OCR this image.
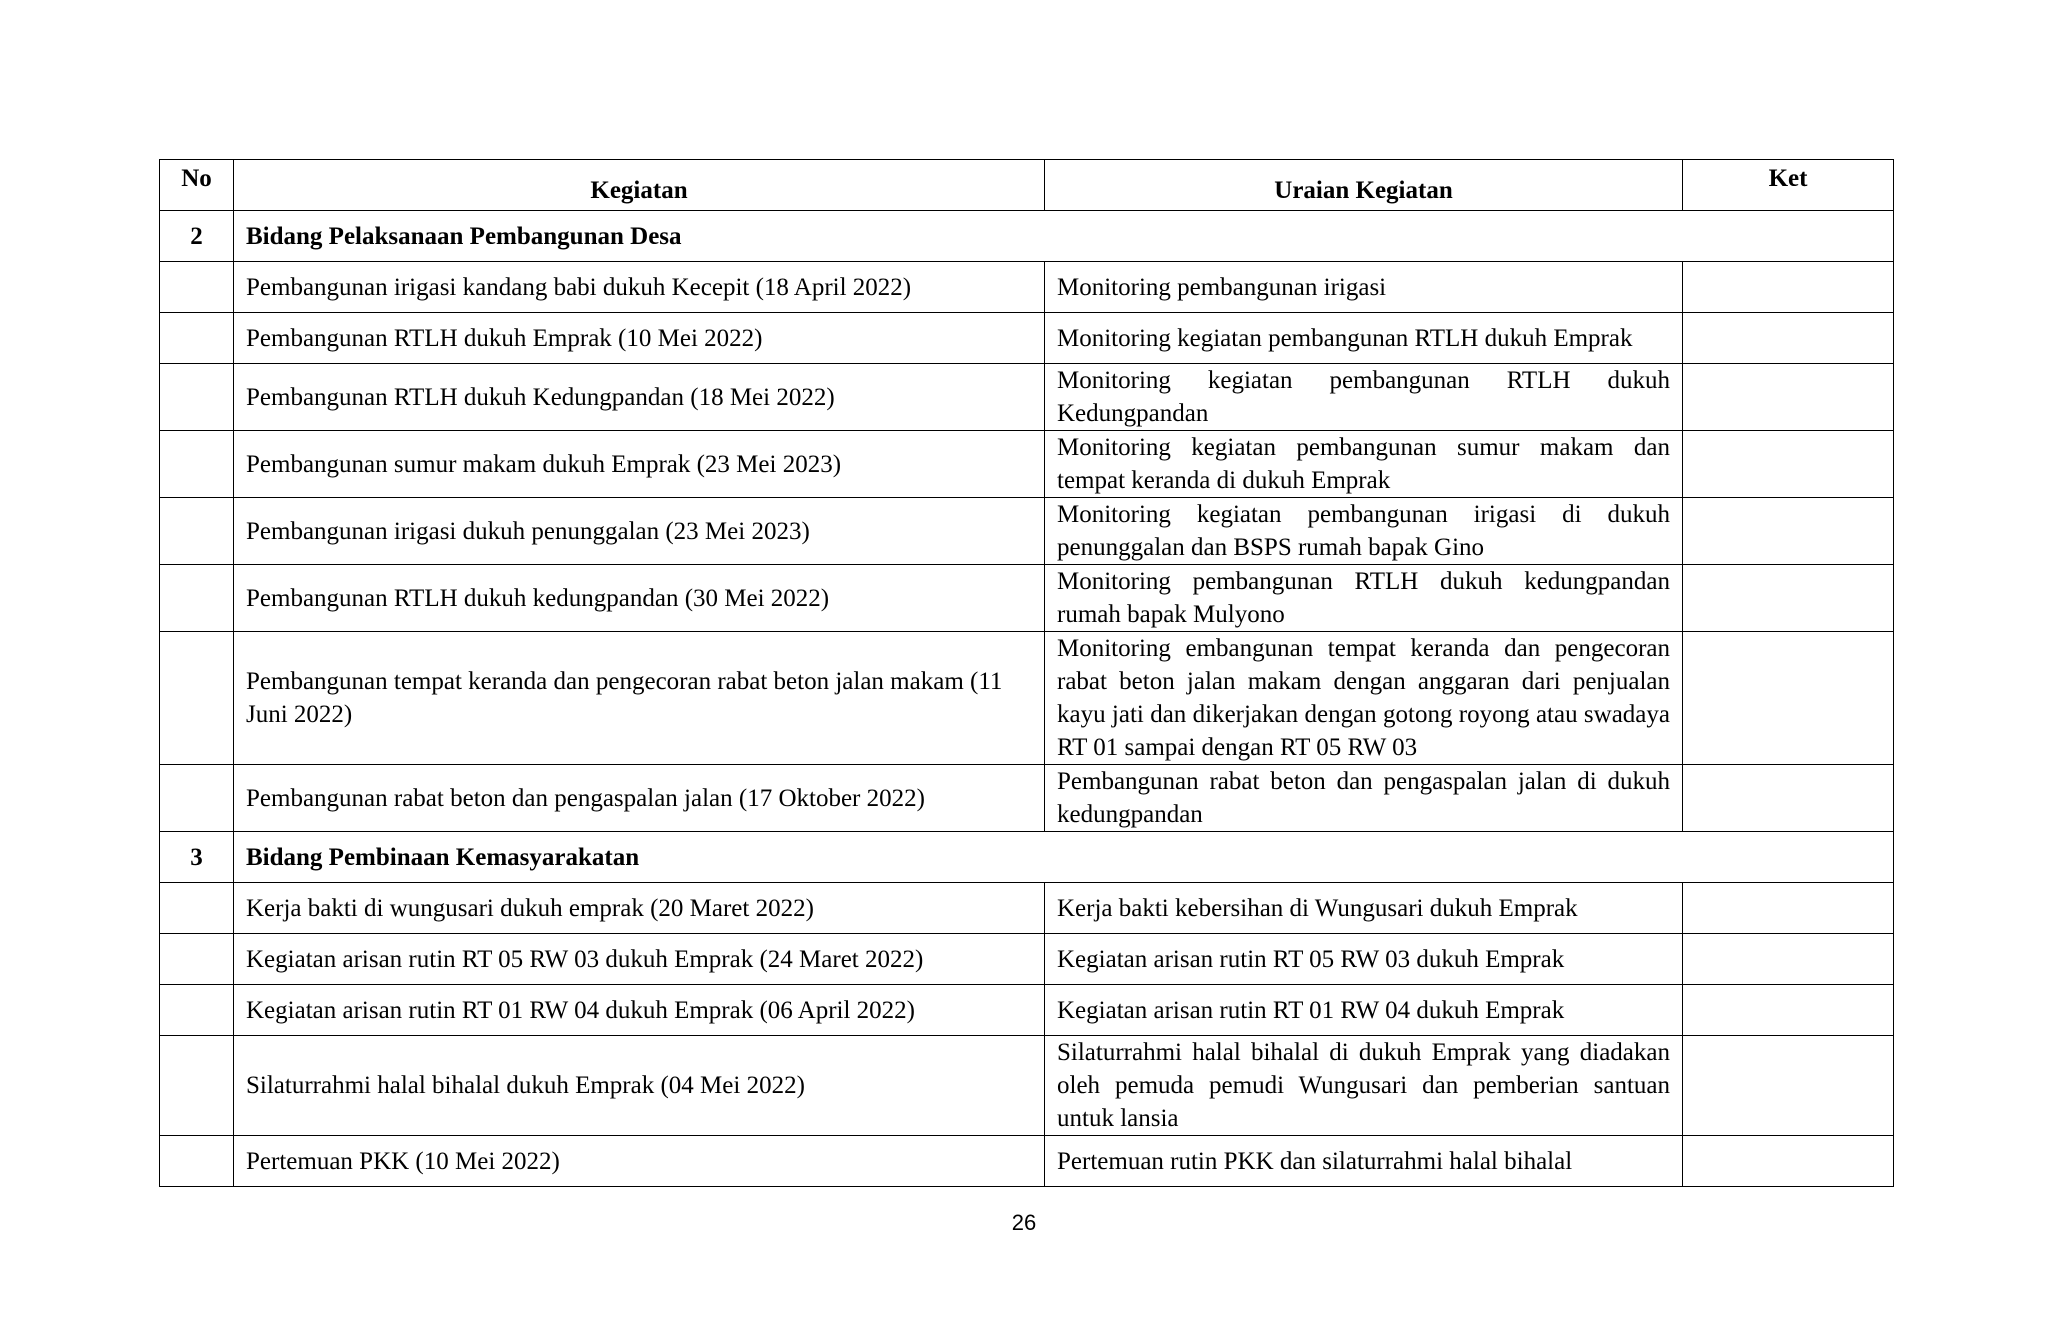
No	Kegiatan	Uraian Kegiatan	Ket
2	Bidang Pelaksanaan Pembangunan Desa		
	Pembangunan irigasi kandang babi dukuh Kecepit (18 April 2022)	Monitoring pembangunan irigasi	
	Pembangunan RTLH dukuh Emprak (10 Mei 2022)	Monitoring kegiatan pembangunan RTLH dukuh Emprak	
	Pembangunan RTLH dukuh Kedungpandan (18 Mei 2022)	Monitoring kegiatan pembangunan RTLH dukuh Kedungpandan	
	Pembangunan sumur makam dukuh Emprak (23 Mei 2023)	Monitoring kegiatan pembangunan sumur makam dan tempat keranda di dukuh Emprak	
	Pembangunan irigasi dukuh penunggalan (23 Mei 2023)	Monitoring kegiatan pembangunan irigasi di dukuh penunggalan dan BSPS rumah bapak Gino	
	Pembangunan RTLH dukuh kedungpandan (30 Mei 2022)	Monitoring pembangunan RTLH dukuh kedungpandan rumah bapak Mulyono	
	Pembangunan tempat keranda dan pengecoran rabat beton jalan makam (11 Juni 2022)	Monitoring embangunan tempat keranda dan pengecoran rabat beton jalan makam dengan anggaran dari penjualan kayu jati dan dikerjakan dengan gotong royong atau swadaya RT 01 sampai dengan RT 05 RW 03	
	Pembangunan rabat beton dan pengaspalan jalan (17 Oktober 2022)	Pembangunan rabat beton dan pengaspalan jalan di dukuh kedungpandan	
3	Bidang Pembinaan Kemasyarakatan		
	Kerja bakti di wungusari dukuh emprak (20 Maret 2022)	Kerja bakti kebersihan di Wungusari dukuh Emprak	
	Kegiatan arisan rutin RT 05 RW 03 dukuh Emprak (24 Maret 2022)	Kegiatan arisan rutin RT 05 RW 03 dukuh Emprak	
	Kegiatan arisan rutin RT 01 RW 04 dukuh Emprak (06 April 2022)	Kegiatan arisan rutin RT 01 RW 04 dukuh Emprak	
	Silaturrahmi halal bihalal dukuh Emprak (04 Mei 2022)	Silaturrahmi halal bihalal di dukuh Emprak yang diadakan oleh pemuda pemudi Wungusari dan pemberian santuan untuk lansia	
	Pertemuan PKK (10 Mei 2022)	Pertemuan rutin PKK dan silaturrahmi halal bihalal	
26
